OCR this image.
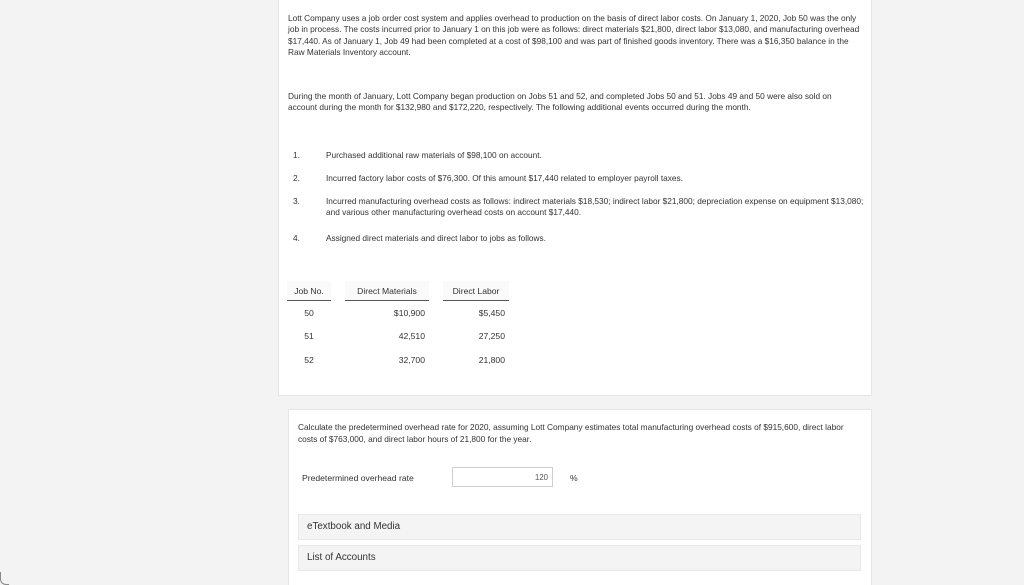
Lott Company uses a job order cost system and applies overhead to production on the basis of direct labor costs. On January 1, 2020, Job 50 was the only job in process. The costs incurred prior to January 1 on this job were as follows: direct materials $21,800, direct labor $13,080, and manufacturing overhead $17,440. As of January 1, Job 49 had been completed at a cost of $98,100 and was part of finished goods inventory. There was a $16,350 balance in the Raw Materials Inventory account.

During the month of January, Lott Company began production on Jobs 51 and 52, and completed Jobs 50 and 51. Jobs 49 and 50 were also sold on account during the month for $132,980 and $172,220, respectively. The following additional events occurred during the month.

1.	Purchased additional raw materials of $98,100 on account.
2.	Incurred factory labor costs of $76,300. Of this amount $17,440 related to employer payroll taxes.
3.	Incurred manufacturing overhead costs as follows: indirect materials $18,530; indirect labor $21,800; depreciation expense on equipment $13,080; and various other manufacturing overhead costs on account $17,440.
4.	Assigned direct materials and direct labor to jobs as follows.
Job No.		Direct Materials		Direct Labor
50		$10,900		$5,450
51		42,510		27,250
52		32,700		21,800

Calculate the predetermined overhead rate for 2020, assuming Lott Company estimates total manufacturing overhead costs of $915,600, direct labor costs of $763,000, and direct labor hours of 21,800 for the year.

Predetermined overhead rate
120	%
eTextbook and Media
List of Accounts
